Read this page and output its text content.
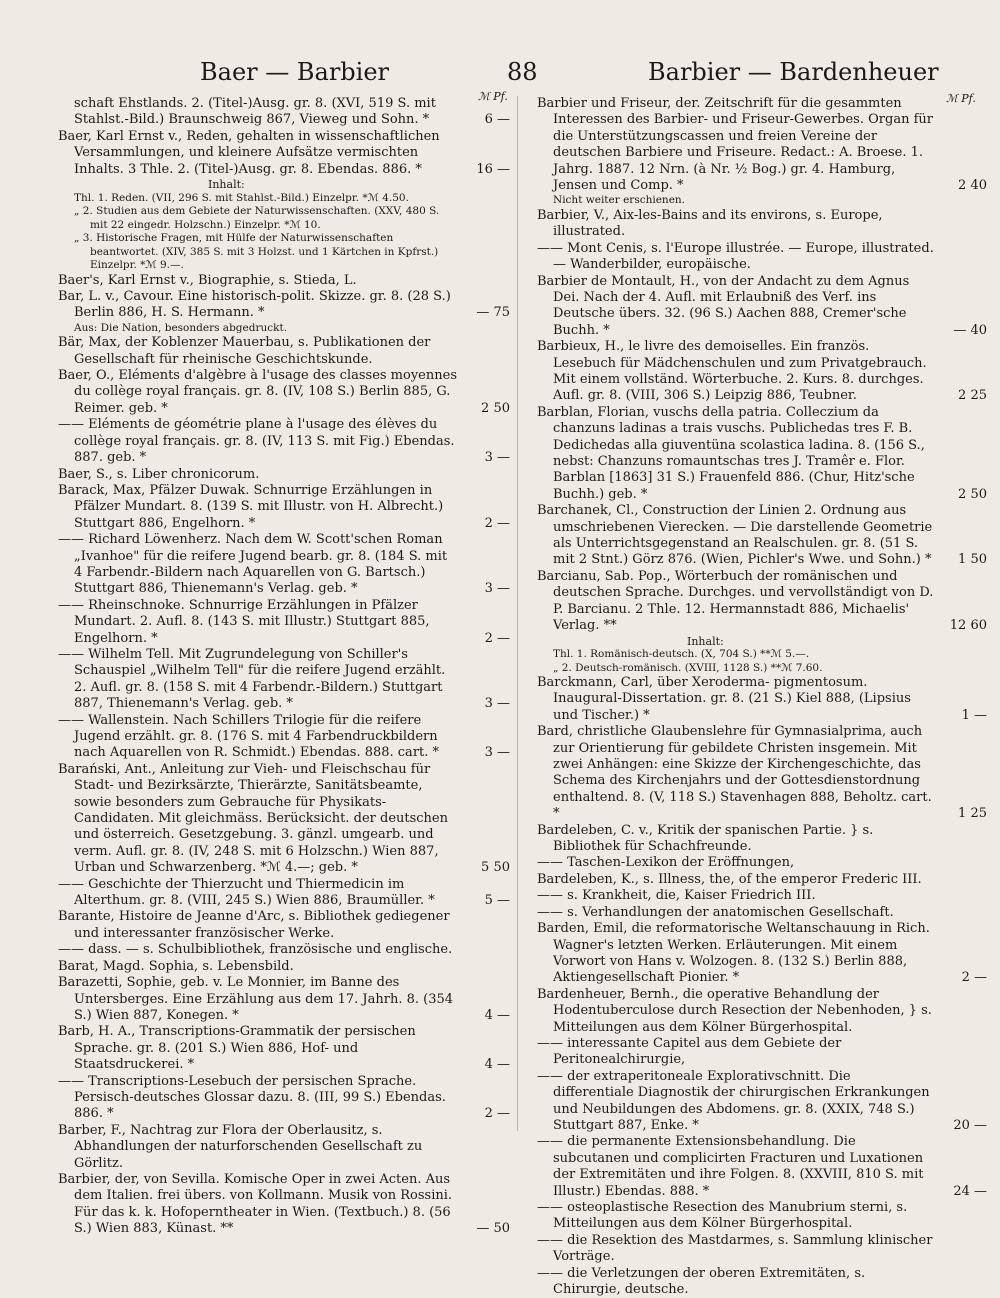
Baer — Barbier	88	Barbier — Bardenheuer
ℳ Pf.	ℳ Pf.

schaft Ehstlands. 2. (Titel-)Ausg. gr. 8. (XVI, 519 S. mit Stahlst.-Bild.) Braunschweig 867, Vieweg und Sohn. *	6 —

Baer, Karl Ernst v., Reden, gehalten in wissenschaftlichen Versammlungen, und kleinere Aufsätze vermischten Inhalts. 3 Thle. 2. (Titel-)Ausg. gr. 8. Ebendas. 886. *	16 —

Inhalt:

Thl. 1. Reden. (VII, 296 S. mit Stahlst.-Bild.) Einzelpr. *ℳ 4.50.

„ 2. Studien aus dem Gebiete der Naturwissenschaften. (XXV, 480 S. mit 22 eingedr. Holzschn.) Einzelpr. *ℳ 10.

„ 3. Historische Fragen, mit Hülfe der Naturwissenschaften beantwortet. (XIV, 385 S. mit 3 Holzst. und 1 Kärtchen in Kpfrst.) Einzelpr. *ℳ 9.—.

Baer's, Karl Ernst v., Biographie, s. Stieda, L.

Bar, L. v., Cavour. Eine historisch-polit. Skizze. gr. 8. (28 S.) Berlin 886, H. S. Hermann. *	— 75

Aus: Die Nation, besonders abgedruckt.

Bär, Max, der Koblenzer Mauerbau, s. Publikationen der Gesellschaft für rheinische Geschichtskunde.

Baer, O., Eléments d'algèbre à l'usage des classes moyennes du collège royal français. gr. 8. (IV, 108 S.) Berlin 885, G. Reimer. geb. *	2 50

—— Eléments de géométrie plane à l'usage des élèves du collège royal français. gr. 8. (IV, 113 S. mit Fig.) Ebendas. 887. geb. *	3 —

Baer, S., s. Liber chronicorum.

Barack, Max, Pfälzer Duwak. Schnurrige Erzählungen in Pfälzer Mundart. 8. (139 S. mit Illustr. von H. Albrecht.) Stuttgart 886, Engelhorn. *	2 —

—— Richard Löwenherz. Nach dem W. Scott'schen Roman „Ivanhoe" für die reifere Jugend bearb. gr. 8. (184 S. mit 4 Farbendr.-Bildern nach Aquarellen von G. Bartsch.) Stuttgart 886, Thienemann's Verlag. geb. *	3 —

—— Rheinschnoke. Schnurrige Erzählungen in Pfälzer Mundart. 2. Aufl. 8. (143 S. mit Illustr.) Stuttgart 885, Engelhorn. *	2 —

—— Wilhelm Tell. Mit Zugrundelegung von Schiller's Schauspiel „Wilhelm Tell" für die reifere Jugend erzählt. 2. Aufl. gr. 8. (158 S. mit 4 Farbendr.-Bildern.) Stuttgart 887, Thienemann's Verlag. geb. *	3 —

—— Wallenstein. Nach Schillers Trilogie für die reifere Jugend erzählt. gr. 8. (176 S. mit 4 Farbendruckbildern nach Aquarellen von R. Schmidt.) Ebendas. 888. cart. *	3 —

Barański, Ant., Anleitung zur Vieh- und Fleischschau für Stadt- und Bezirksärzte, Thierärzte, Sanitätsbeamte, sowie besonders zum Gebrauche für Physikats-Candidaten. Mit gleichmäss. Berücksicht. der deutschen und österreich. Gesetzgebung. 3. gänzl. umgearb. und verm. Aufl. gr. 8. (IV, 248 S. mit 6 Holzschn.) Wien 887, Urban und Schwarzenberg. *ℳ 4.—; geb. *	5 50

—— Geschichte der Thierzucht und Thiermedicin im Alterthum. gr. 8. (VIII, 245 S.) Wien 886, Braumüller. *	5 —

Barante, Histoire de Jeanne d'Arc, s. Bibliothek gediegener und interessanter französischer Werke.

—— dass. — s. Schulbibliothek, französische und englische.

Barat, Magd. Sophia, s. Lebensbild.

Barazetti, Sophie, geb. v. Le Monnier, im Banne des Untersberges. Eine Erzählung aus dem 17. Jahrh. 8. (354 S.) Wien 887, Konegen. *	4 —

Barb, H. A., Transcriptions-Grammatik der persischen Sprache. gr. 8. (201 S.) Wien 886, Hof- und Staatsdruckerei. *	4 —

—— Transcriptions-Lesebuch der persischen Sprache. Persisch-deutsches Glossar dazu. 8. (III, 99 S.) Ebendas. 886. *	2 —

Barber, F., Nachtrag zur Flora der Oberlausitz, s. Abhandlungen der naturforschenden Gesellschaft zu Görlitz.

Barbier, der, von Sevilla. Komische Oper in zwei Acten. Aus dem Italien. frei übers. von Kollmann. Musik von Rossini. Für das k. k. Hofoperntheater in Wien. (Textbuch.) 8. (56 S.) Wien 883, Künast. **	— 50

Barbier und Friseur, der. Zeitschrift für die gesammten Interessen des Barbier- und Friseur-Gewerbes. Organ für die Unterstützungscassen und freien Vereine der deutschen Barbiere und Friseure. Redact.: A. Broese. 1. Jahrg. 1887. 12 Nrn. (à Nr. ½ Bog.) gr. 4. Hamburg, Jensen und Comp. *	2 40

Nicht weiter erschienen.

Barbier, V., Aix-les-Bains and its environs, s. Europe, illustrated.

—— Mont Cenis, s. l'Europe illustrée. — Europe, illustrated. — Wanderbilder, europäische.

Barbier de Montault, H., von der Andacht zu dem Agnus Dei. Nach der 4. Aufl. mit Erlaubniß des Verf. ins Deutsche übers. 32. (96 S.) Aachen 888, Cremer'sche Buchh. *	— 40

Barbieux, H., le livre des demoiselles. Ein französ. Lesebuch für Mädchenschulen und zum Privatgebrauch. Mit einem vollständ. Wörterbuche. 2. Kurs. 8. durchges. Aufl. gr. 8. (VIII, 306 S.) Leipzig 886, Teubner.	2 25

Barblan, Florian, vuschs della patria. Colleczium da chanzuns ladinas a trais vuschs. Publichedas tres F. B. Dedichedas alla giuventüna scolastica ladina. 8. (156 S., nebst: Chanzuns romauntschas tres J. Tramêr e. Flor. Barblan [1863] 31 S.) Frauenfeld 886. (Chur, Hitz'sche Buchh.) geb. *	2 50

Barchanek, Cl., Construction der Linien 2. Ordnung aus umschriebenen Vierecken. — Die darstellende Geometrie als Unterrichtsgegenstand an Realschulen. gr. 8. (51 S. mit 2 Stnt.) Görz 876. (Wien, Pichler's Wwe. und Sohn.) *	1 50

Barcianu, Sab. Pop., Wörterbuch der romänischen und deutschen Sprache. Durchges. und vervollständigt von D. P. Barcianu. 2 Thle. 12. Hermannstadt 886, Michaelis' Verlag. **	12 60

Inhalt:

Thl. 1. Romänisch-deutsch. (X, 704 S.) **ℳ 5.—.

„ 2. Deutsch-romänisch. (XVIII, 1128 S.) **ℳ 7.60.

Barckmann, Carl, über Xeroderma- pigmentosum. Inaugural-Dissertation. gr. 8. (21 S.) Kiel 888, (Lipsius und Tischer.) *	1 —

Bard, christliche Glaubenslehre für Gymnasialprima, auch zur Orientierung für gebildete Christen insgemein. Mit zwei Anhängen: eine Skizze der Kirchengeschichte, das Schema des Kirchenjahrs und der Gottesdienstordnung enthaltend. 8. (V, 118 S.) Stavenhagen 888, Beholtz. cart. *	1 25

Bardeleben, C. v., Kritik der spanischen Partie. } s. Bibliothek für Schachfreunde.

—— Taschen-Lexikon der Eröffnungen,

Bardeleben, K., s. Illness, the, of the emperor Frederic III.

—— s. Krankheit, die, Kaiser Friedrich III.

—— s. Verhandlungen der anatomischen Gesellschaft.

Barden, Emil, die reformatorische Weltanschauung in Rich. Wagner's letzten Werken. Erläuterungen. Mit einem Vorwort von Hans v. Wolzogen. 8. (132 S.) Berlin 888, Aktiengesellschaft Pionier. *	2 —

Bardenheuer, Bernh., die operative Behandlung der Hodentuberculose durch Resection der Nebenhoden, } s. Mitteilungen aus dem Kölner Bürgerhospital.

—— interessante Capitel aus dem Gebiete der Peritonealchirurgie,

—— der extraperitoneale Explorativschnitt. Die differentiale Diagnostik der chirurgischen Erkrankungen und Neubildungen des Abdomens. gr. 8. (XXIX, 748 S.) Stuttgart 887, Enke. *	20 —

—— die permanente Extensionsbehandlung. Die subcutanen und complicirten Fracturen und Luxationen der Extremitäten und ihre Folgen. 8. (XXVIII, 810 S. mit Illustr.) Ebendas. 888. *	24 —

—— osteoplastische Resection des Manubrium sterni, s. Mitteilungen aus dem Kölner Bürgerhospital.

—— die Resektion des Mastdarmes, s. Sammlung klinischer Vorträge.

—— die Verletzungen der oberen Extremitäten, s. Chirurgie, deutsche.
